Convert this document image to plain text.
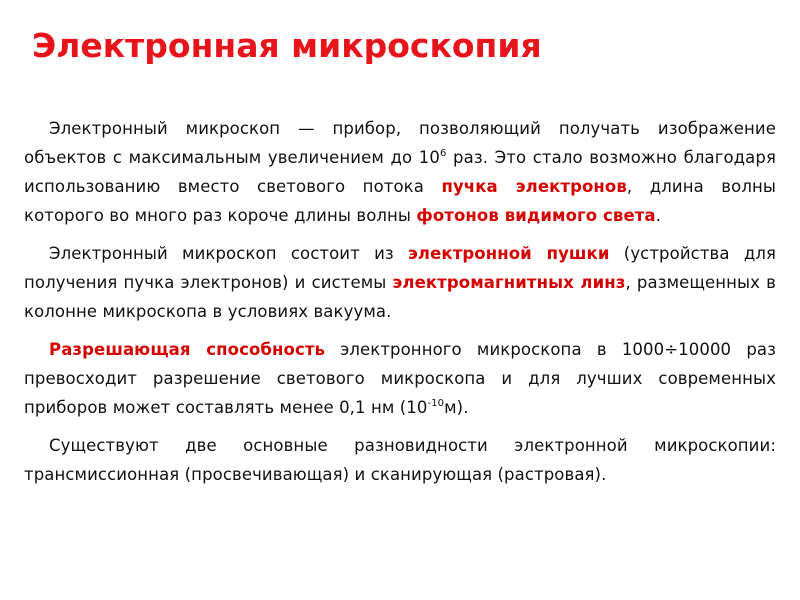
Электронная микроскопия

Электронный микроскоп — прибор, позволяющий получать изображение объектов с максимальным увеличением до $10^6$ раз. Это стало возможно благодаря использованию вместо светового потока пучка электронов, длина волны которого во много раз короче длины волны фотонов видимого света.

Электронный микроскоп состоит из электронной пушки (устройства для получения пучка электронов) и системы электромагнитных линз, размещенных в колонне микроскопа в условиях вакуума.

Разрешающая способность электронного микроскопа в 1000÷10000 раз превосходит разрешение светового микроскопа и для лучших современных приборов может составлять менее 0,1 нм $(10^{-10}м)$.

Существуют две основные разновидности электронной микроскопии: трансмиссионная (просвечивающая) и сканирующая (растровая).
